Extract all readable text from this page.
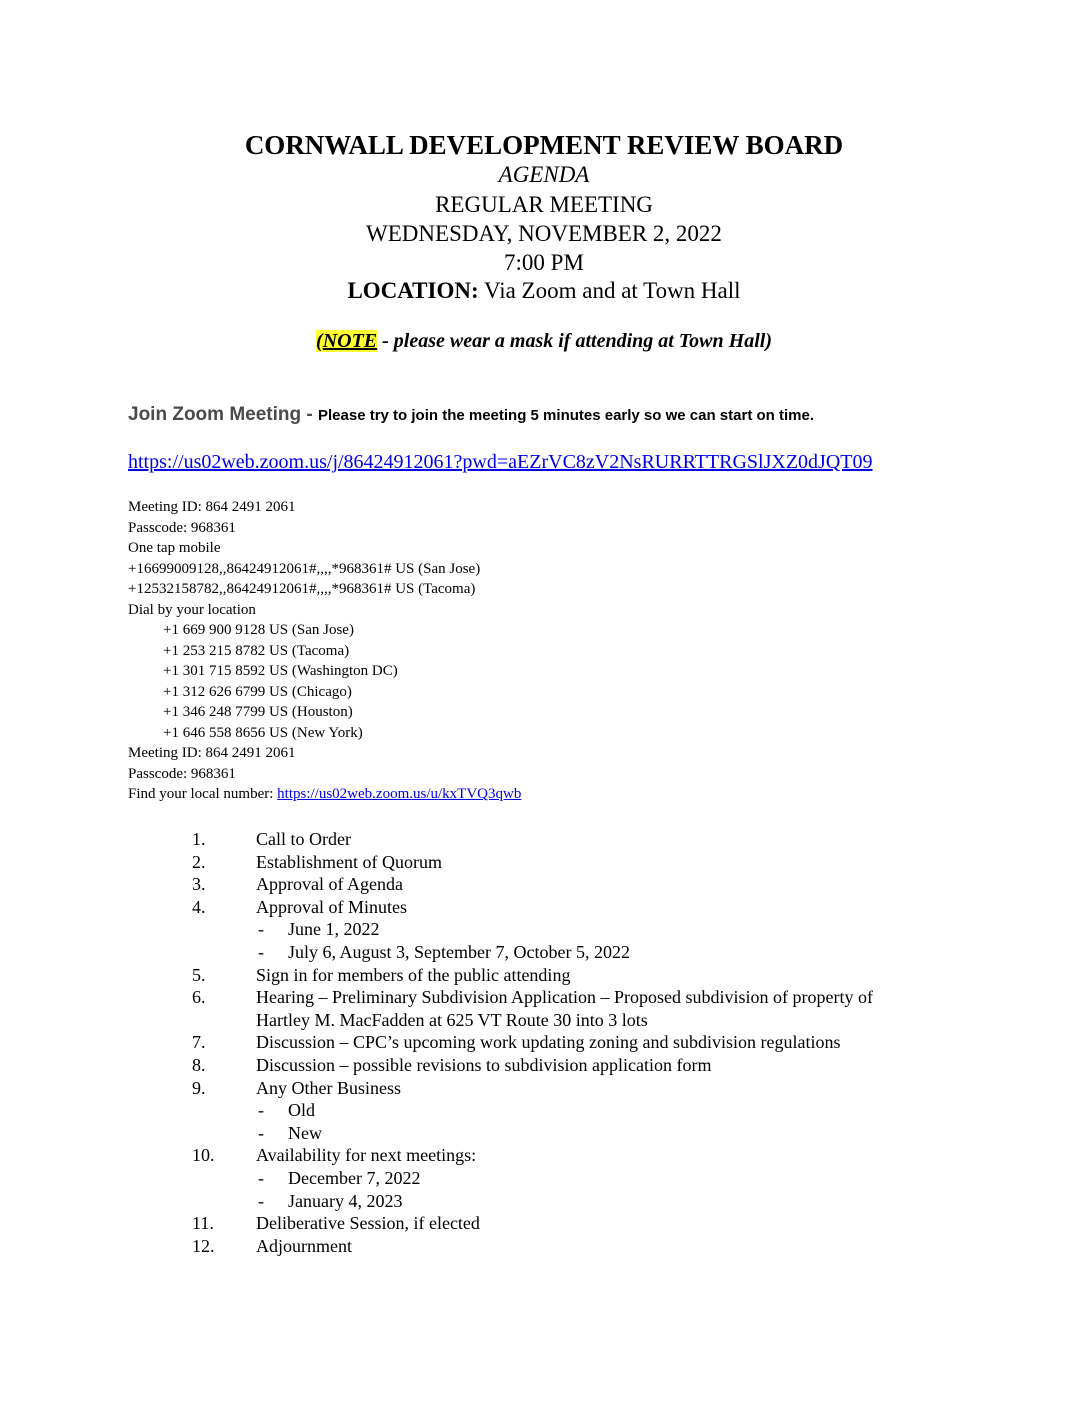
CORNWALL DEVELOPMENT REVIEW BOARD
AGENDA
REGULAR MEETING
WEDNESDAY, NOVEMBER 2, 2022
7:00 PM
LOCATION: Via Zoom and at Town Hall
(NOTE - please wear a mask if attending at Town Hall)
Join Zoom Meeting - Please try to join the meeting 5 minutes early so we can start on time.
https://us02web.zoom.us/j/86424912061?pwd=aEZrVC8zV2NsRURRTTRGSlJXZ0dJQT09
Meeting ID: 864 2491 2061
Passcode: 968361
One tap mobile
+16699009128,,86424912061#,,,,*968361# US (San Jose)
+12532158782,,86424912061#,,,,*968361# US (Tacoma)
Dial by your location
+1 669 900 9128 US (San Jose)
+1 253 215 8782 US (Tacoma)
+1 301 715 8592 US (Washington DC)
+1 312 626 6799 US (Chicago)
+1 346 248 7799 US (Houston)
+1 646 558 8656 US (New York)
Meeting ID: 864 2491 2061
Passcode: 968361
Find your local number: https://us02web.zoom.us/u/kxTVQ3qwb
1.	Call to Order
2.	Establishment of Quorum
3.	Approval of Agenda
4.	Approval of Minutes
- June 1, 2022
- July 6, August 3, September 7, October 5, 2022
5.	Sign in for members of the public attending
6.	Hearing – Preliminary Subdivision Application – Proposed subdivision of property of
Hartley M. MacFadden at 625 VT Route 30 into 3 lots
7.	Discussion – CPC’s upcoming work updating zoning and subdivision regulations
8.	Discussion – possible revisions to subdivision application form
9.	Any Other Business
- Old
- New
10. Availability for next meetings:
- December 7, 2022
- January 4, 2023
11. Deliberative Session, if elected
12. Adjournment
